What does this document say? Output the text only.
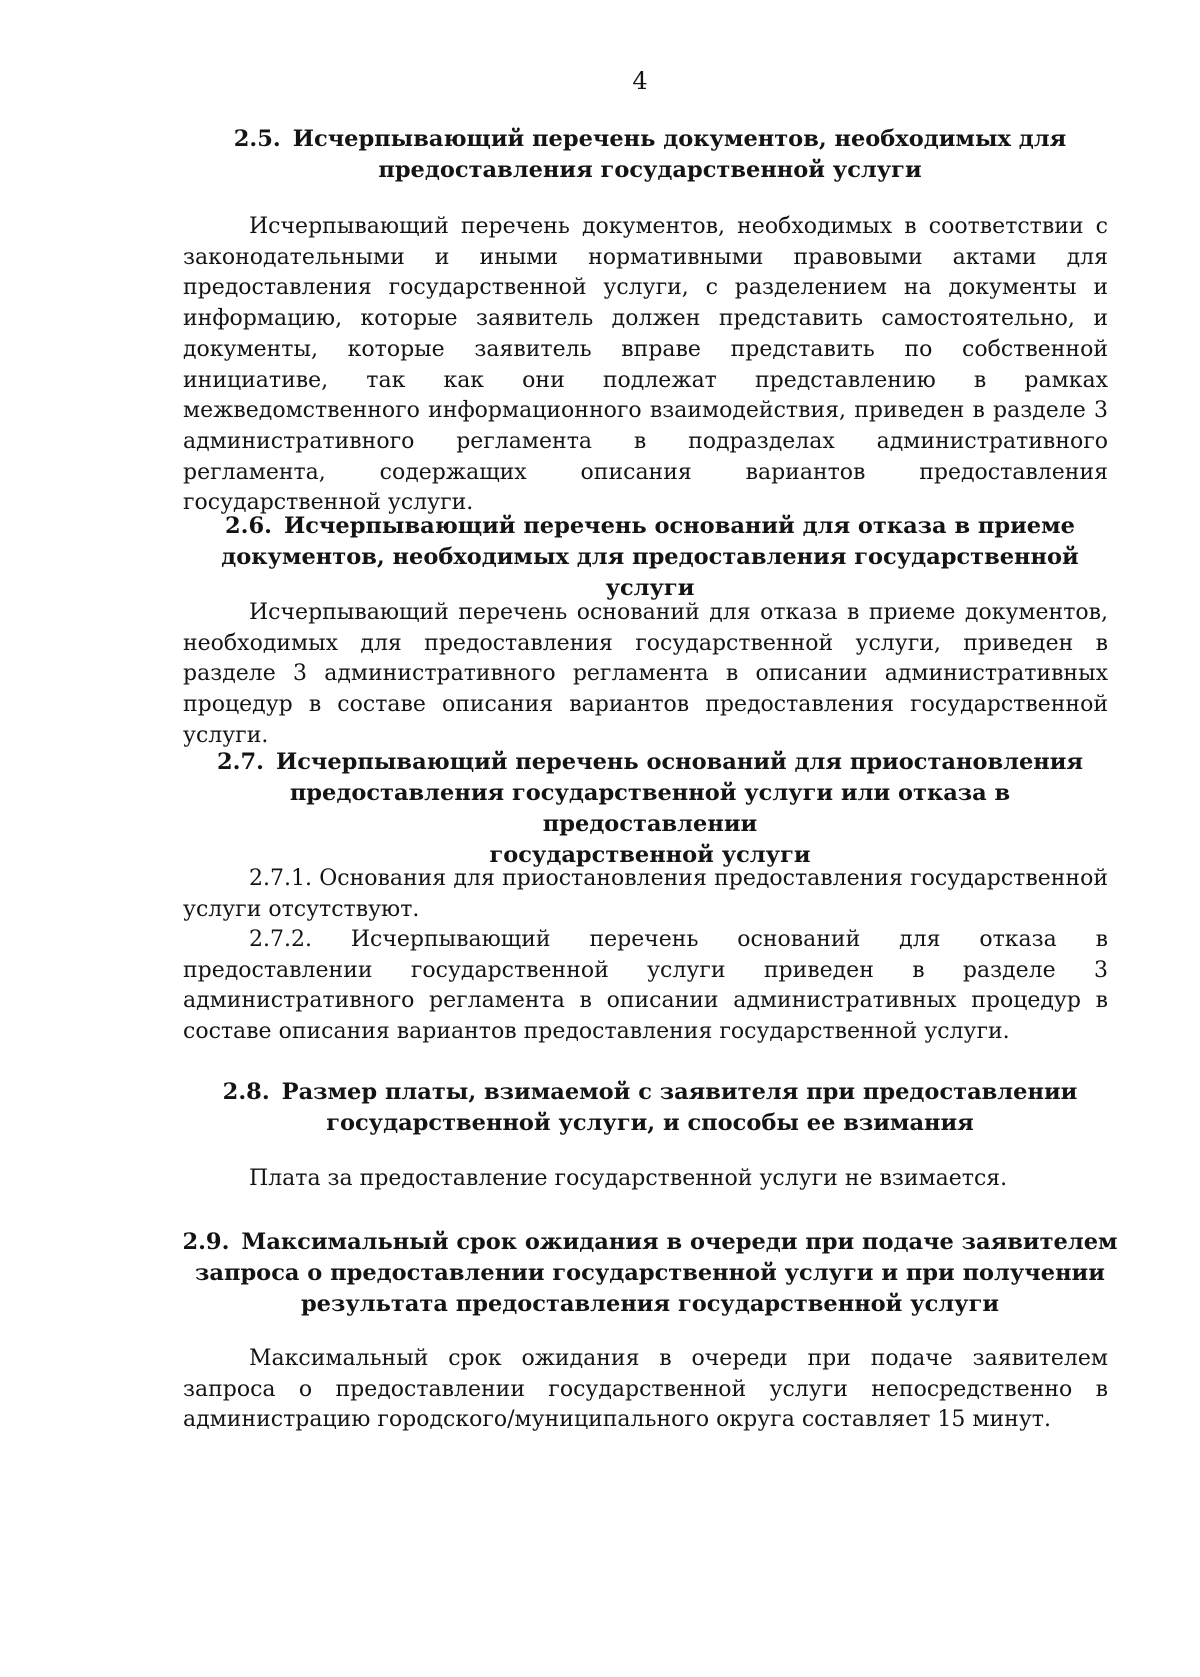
4
2.5. Исчерпывающий перечень документов, необходимых для
предоставления государственной услуги

Исчерпывающий перечень документов, необходимых в соответствии с законодательными и иными нормативными правовыми актами для предоставления государственной услуги, с разделением на документы и информацию, которые заявитель должен представить самостоятельно, и документы, которые заявитель вправе представить по собственной инициативе, так как они подлежат представлению в рамках межведомственного информационного взаимодействия, приведен в разделе 3 административного регламента в подразделах административного регламента, содержащих описания вариантов предоставления государственной услуги.

2.6. Исчерпывающий перечень оснований для отказа в приеме
документов, необходимых для предоставления государственной услуги

Исчерпывающий перечень оснований для отказа в приеме документов, необходимых для предоставления государственной услуги, приведен в разделе 3 административного регламента в описании административных процедур в составе описания вариантов предоставления государственной услуги.

2.7. Исчерпывающий перечень оснований для приостановления
предоставления государственной услуги или отказа в предоставлении
государственной услуги

2.7.1. Основания для приостановления предоставления государственной услуги отсутствуют.

2.7.2. Исчерпывающий перечень оснований для отказа в предоставлении государственной услуги приведен в разделе 3 административного регламента в описании административных процедур в составе описания вариантов предоставления государственной услуги.

2.8. Размер платы, взимаемой с заявителя при предоставлении
государственной услуги, и способы ее взимания

Плата за предоставление государственной услуги не взимается.

2.9. Максимальный срок ожидания в очереди при подаче заявителем
запроса о предоставлении государственной услуги и при получении
результата предоставления государственной услуги

Максимальный срок ожидания в очереди при подаче заявителем запроса о предоставлении государственной услуги непосредственно в администрацию городского/муниципального округа составляет 15 минут.
